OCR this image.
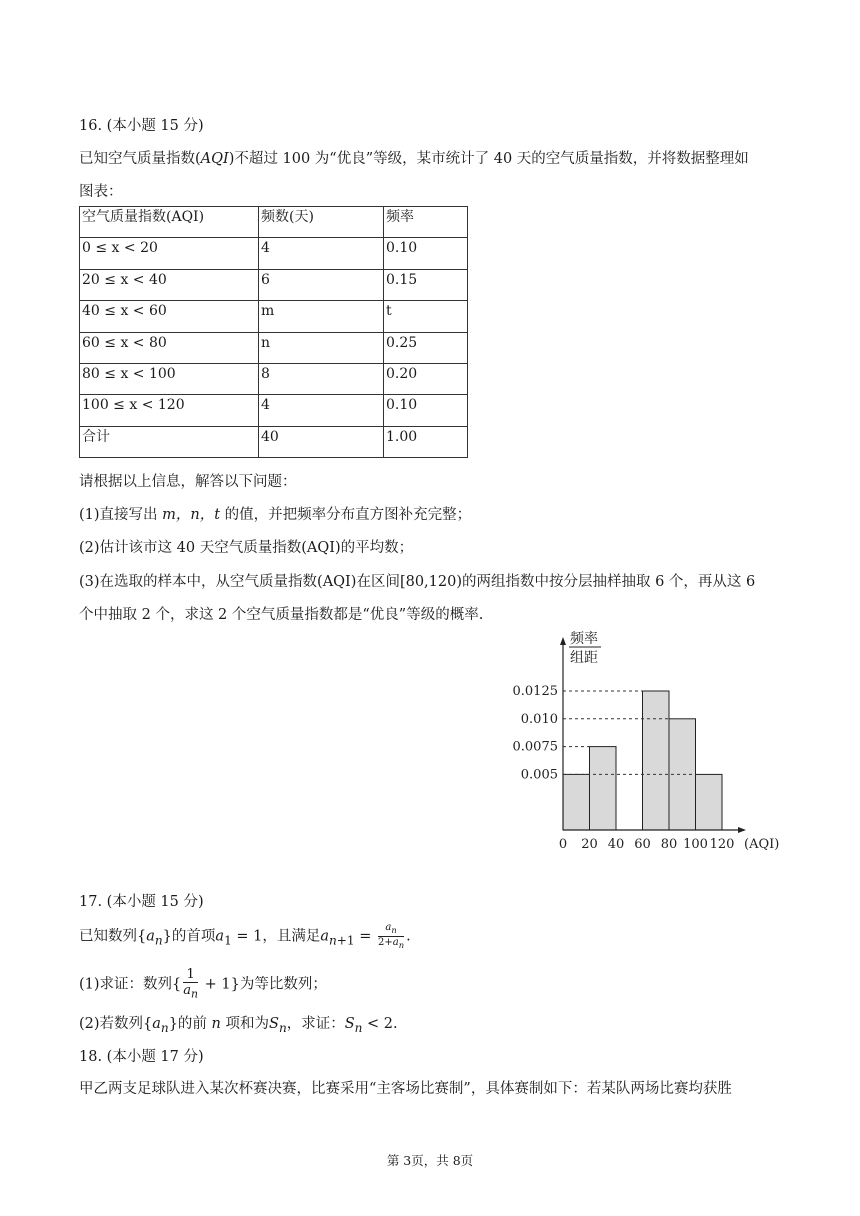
16. (本小题 15 分)
已知空气质量指数(AQI)不超过 100 为“优良”等级，某市统计了 40 天的空气质量指数，并将数据整理如
图表：
空气质量指数(AQI)	频数(天)	频率
0 ≤ x < 20	4	0.10
20 ≤ x < 40	6	0.15
40 ≤ x < 60	m	t
60 ≤ x < 80	n	0.25
80 ≤ x < 100	8	0.20
100 ≤ x < 120	4	0.10
合计	40	1.00
请根据以上信息，解答以下问题：
(1)直接写出 m，n，t 的值，并把频率分布直方图补充完整；
(2)估计该市这 40 天空气质量指数(AQI)的平均数；
(3)在选取的样本中，从空气质量指数(AQI)在区间[80,120)的两组指数中按分层抽样抽取 6 个，再从这 6
个中抽取 2 个，求这 2 个空气质量指数都是“优良”等级的概率.
0.005
0.0075
0.010
0.0125
频率
组距
0 20 40 60 80 100 120 (AQI)
17. (本小题 15 分)
已知数列$\{a_n\}$的首项$a_1 = 1$，且满足$a_{n+1} = \frac{a_n}{2+a_n}$ .
(1)求证：数列{ $\frac{1}{a_n} + 1$}为等比数列；
(2)若数列$\{a_n\}$的前 n 项和为$S_n$，求证：$S_n < 2$.
18. (本小题 17 分)
甲乙两支足球队进入某次杯赛决赛，比赛采用“主客场比赛制”，具体赛制如下：若某队两场比赛均获胜
第 3页，共 8页
